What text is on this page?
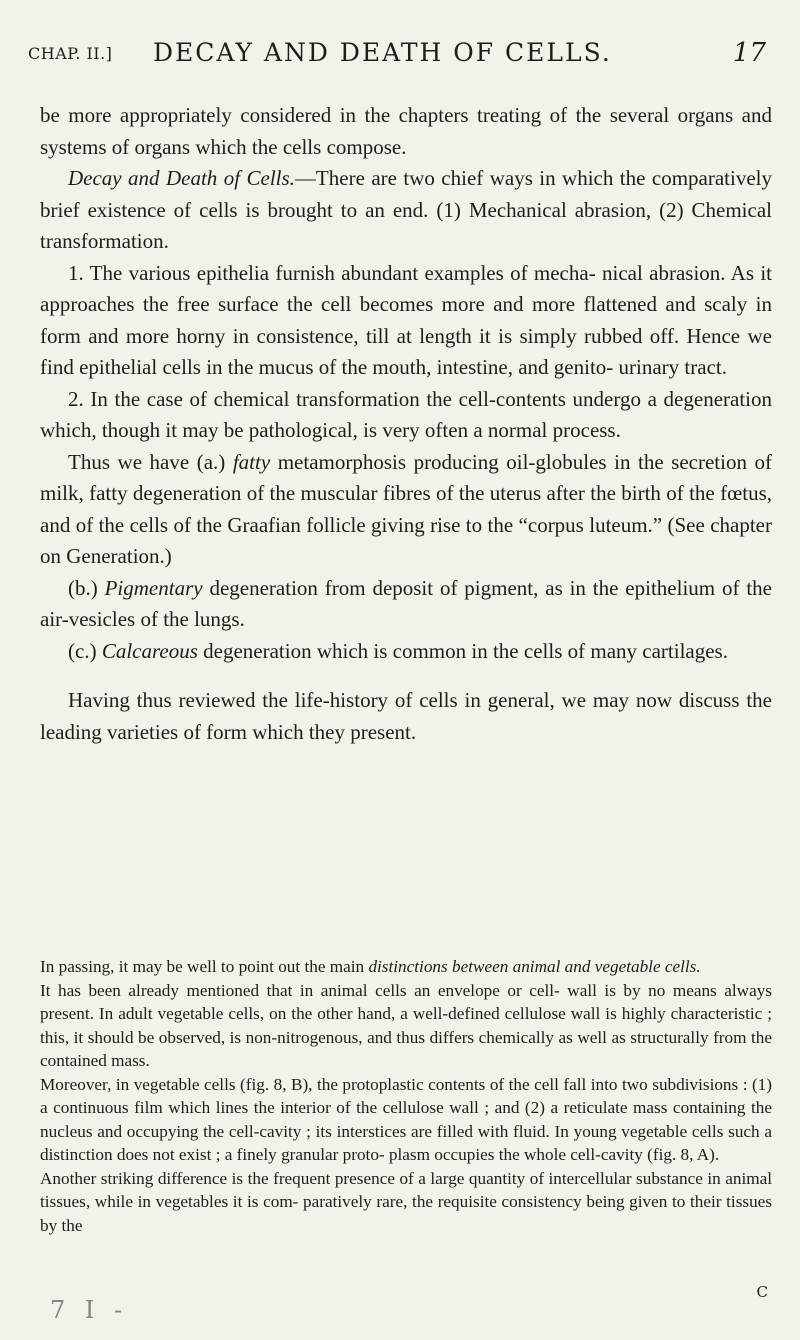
CHAP. II.] DECAY AND DEATH OF CELLS.	17

be more appropriately considered in the chapters treating of the several organs and systems of organs which the cells compose.

Decay and Death of Cells.—There are two chief ways in which the comparatively brief existence of cells is brought to an end. (1) Mechanical abrasion, (2) Chemical transformation.

1. The various epithelia furnish abundant examples of mecha- nical abrasion. As it approaches the free surface the cell becomes more and more flattened and scaly in form and more horny in consistence, till at length it is simply rubbed off. Hence we find epithelial cells in the mucus of the mouth, intestine, and genito- urinary tract.

2. In the case of chemical transformation the cell-contents undergo a degeneration which, though it may be pathological, is very often a normal process.

Thus we have (a.) fatty metamorphosis producing oil-globules in the secretion of milk, fatty degeneration of the muscular fibres of the uterus after the birth of the fœtus, and of the cells of the Graafian follicle giving rise to the “corpus luteum.” (See chapter on Generation.)

(b.) Pigmentary degeneration from deposit of pigment, as in the epithelium of the air-vesicles of the lungs.

(c.) Calcareous degeneration which is common in the cells of many cartilages.

Having thus reviewed the life-history of cells in general, we may now discuss the leading varieties of form which they present.

In passing, it may be well to point out the main distinctions between animal and vegetable cells.

It has been already mentioned that in animal cells an envelope or cell- wall is by no means always present. In adult vegetable cells, on the other hand, a well-defined cellulose wall is highly characteristic ; this, it should be observed, is non-nitrogenous, and thus differs chemically as well as structurally from the contained mass.

Moreover, in vegetable cells (fig. 8, B), the protoplastic contents of the cell fall into two subdivisions : (1) a continuous film which lines the interior of the cellulose wall ; and (2) a reticulate mass containing the nucleus and occupying the cell-cavity ; its interstices are filled with fluid. In young vegetable cells such a distinction does not exist ; a finely granular proto- plasm occupies the whole cell-cavity (fig. 8, A).

Another striking difference is the frequent presence of a large quantity of intercellular substance in animal tissues, while in vegetables it is com- paratively rare, the requisite consistency being given to their tissues by the

C
7 I -
